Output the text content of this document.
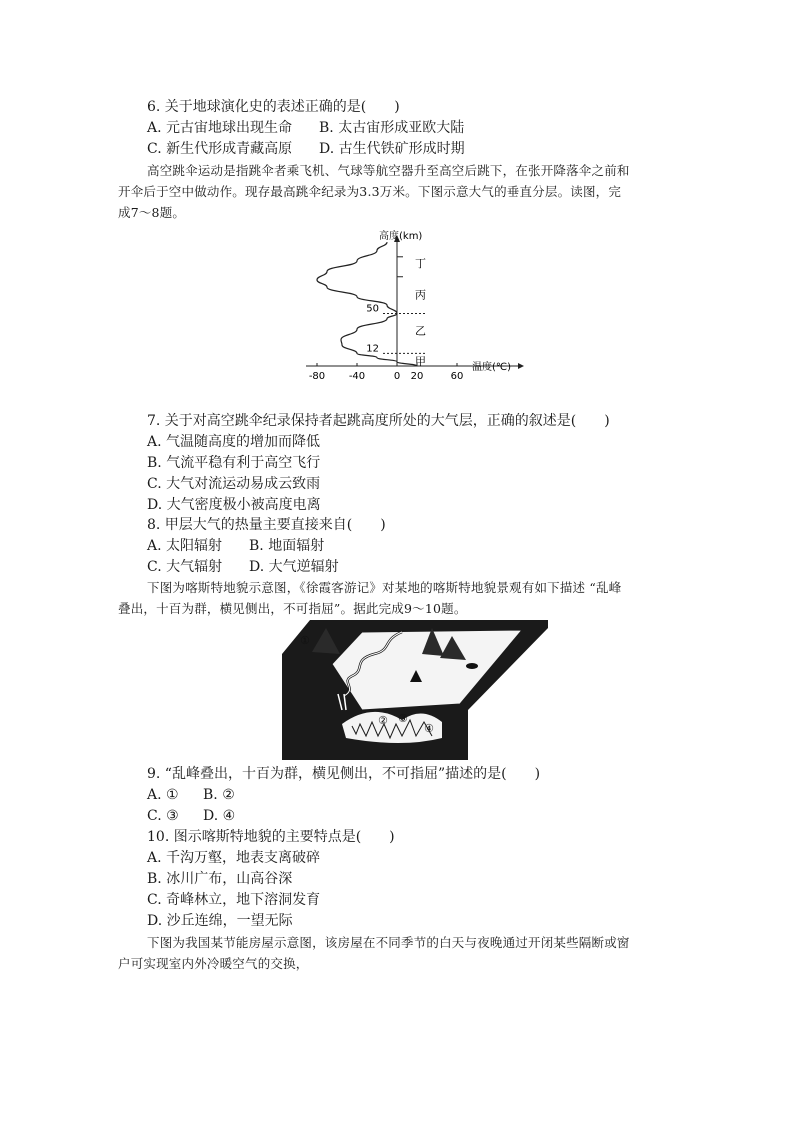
6. 关于地球演化史的表述正确的是(　　)
A. 元古宙地球出现生命 B. 太古宙形成亚欧大陆
C. 新生代形成青藏高原 D. 古生代铁矿形成时期
高空跳伞运动是指跳伞者乘飞机、气球等航空器升至高空后跳下，在张开降落伞之前和
开伞后于空中做动作。现存最高跳伞纪录为3.3万米。下图示意大气的垂直分层。读图，完
成7～8题。
-80 -40	0 20	60
12
50
高度(km)
温度(℃)
甲
乙
丙
丁
7. 关于对高空跳伞纪录保持者起跳高度所处的大气层，正确的叙述是(　　)
A. 气温随高度的增加而降低
B. 气流平稳有利于高空飞行
C. 大气对流运动易成云致雨
D. 大气密度极小被高度电离
8. 甲层大气的热量主要直接来自(　　)
A. 太阳辐射 B. 地面辐射
C. 大气辐射 D. 大气逆辐射
下图为喀斯特地貌示意图，《徐霞客游记》对某地的喀斯特地貌景观有如下描述 “乱峰
叠出，十百为群，横见侧出，不可指屈”。据此完成9～10题。
①
② ③
④
9. “乱峰叠出，十百为群，横见侧出，不可指屈”描述的是(　　)
A. ① B. ②
C. ③ D. ④
10. 图示喀斯特地貌的主要特点是(　　)
A. 千沟万壑，地表支离破碎
B. 冰川广布，山高谷深
C. 奇峰林立，地下溶洞发育
D. 沙丘连绵，一望无际
下图为我国某节能房屋示意图，该房屋在不同季节的白天与夜晚通过开闭某些隔断或窗
户可实现室内外冷暖空气的交换，
